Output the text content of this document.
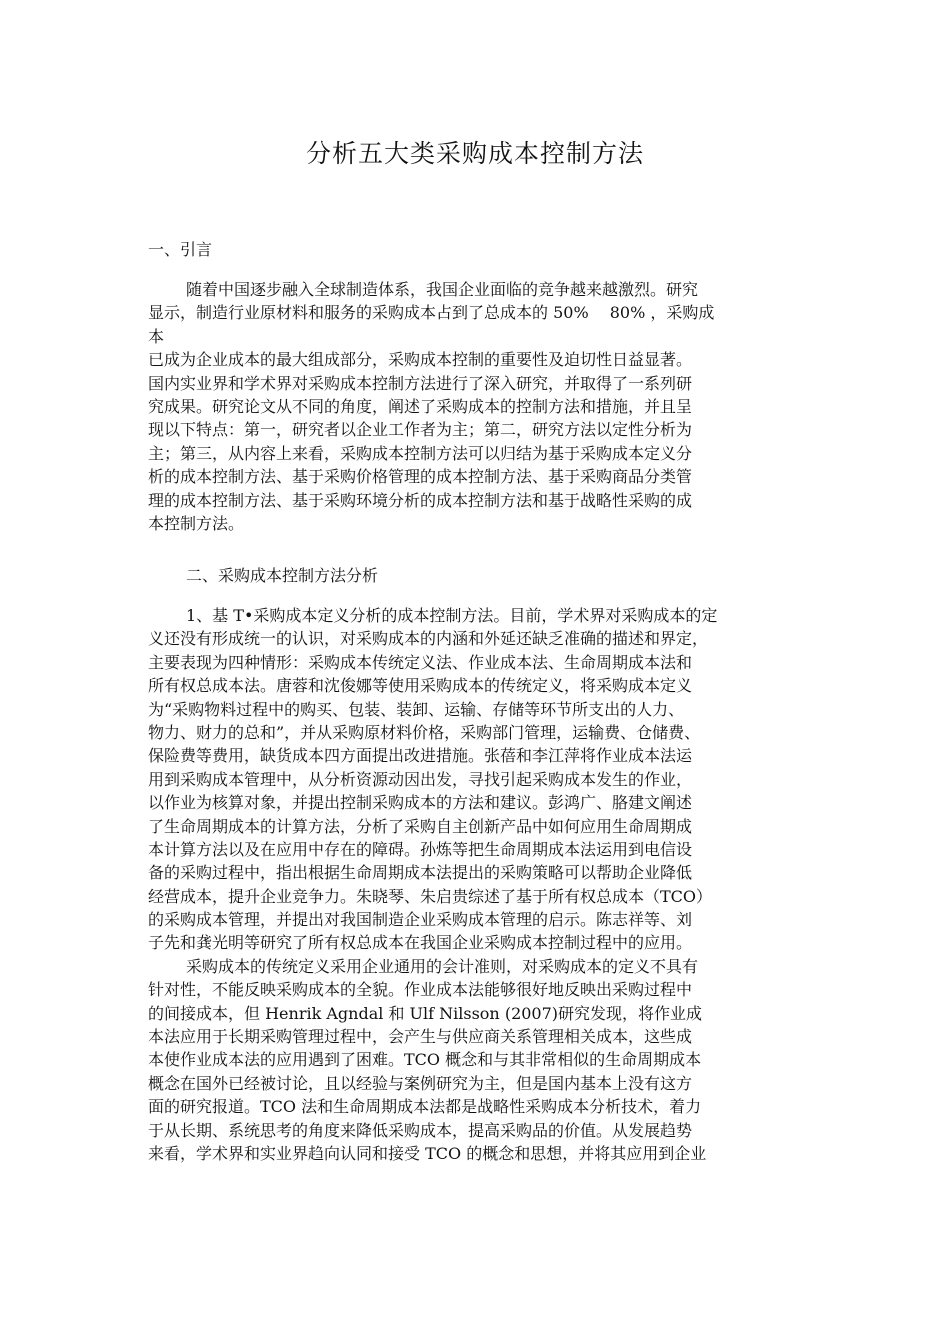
分析五大类采购成本控制方法
一、引言
随着中国逐步融入全球制造体系，我国企业面临的竞争越来越激烈。研究
显示，制造行业原材料和服务的采购成本占到了总成本的 50%　 80% ，采购成
本
已成为企业成本的最大组成部分，采购成本控制的重要性及迫切性日益显著。
国内实业界和学术界对采购成本控制方法进行了深入研究，并取得了一系列研
究成果。研究论文从不同的角度，阐述了采购成本的控制方法和措施，并且呈
现以下特点：第一，研究者以企业工作者为主；第二，研究方法以定性分析为
主；第三，从内容上来看，采购成本控制方法可以归结为基于采购成本定义分
析的成本控制方法、基于采购价格管理的成本控制方法、基于采购商品分类管
理的成本控制方法、基于采购环境分析的成本控制方法和基于战略性采购的成
本控制方法。
二、采购成本控制方法分析
1、基 T•采购成本定义分析的成本控制方法。目前，学术界对采购成本的定
义还没有形成统一的认识，对采购成本的内涵和外延还缺乏准确的描述和界定，
主要表现为四种情形：采购成本传统定义法、作业成本法、生命周期成本法和
所有权总成本法。唐蓉和沈俊娜等使用采购成本的传统定义，将采购成本定义
为“采购物料过程中的购买、包装、装卸、运输、存储等环节所支出的人力、
物力、财力的总和”，并从采购原材料价格，采购部门管理，运输费、仓储费、
保险费等费用，缺货成本四方面提出改进措施。张蓓和李江萍将作业成本法运
用到采购成本管理中，从分析资源动因出发，寻找引起采购成本发生的作业，
以作业为核算对象，并提出控制采购成本的方法和建议。彭鸿广、胳建文阐述
了生命周期成本的计算方法，分析了采购自主创新产品中如何应用生命周期成
本计算方法以及在应用中存在的障碍。孙炼等把生命周期成本法运用到电信设
备的采购过程中，指出根据生命周期成本法提出的采购策略可以帮助企业降低
经营成本，提升企业竞争力。朱晓琴、朱启贵综述了基于所有权总成本（TCO）
的采购成本管理，并提出对我国制造企业采购成本管理的启示。陈志祥等、刘
子先和龚光明等研究了所有权总成本在我国企业采购成本控制过程中的应用。
采购成本的传统定义采用企业通用的会计准则，对采购成本的定义不具有
针对性，不能反映采购成本的全貌。作业成本法能够很好地反映出采购过程中
的间接成本，但 Henrik Agndal 和 Ulf Nilsson (2007)研究发现，将作业成
本法应用于长期采购管理过程中，会产生与供应商关系管理相关成本，这些成
本使作业成本法的应用遇到了困难。TCO 概念和与其非常相似的生命周期成本
概念在国外已经被讨论，且以经验与案例研究为主，但是国内基本上没有这方
面的研究报道。TCO 法和生命周期成本法都是战略性采购成本分析技术，着力
于从长期、系统思考的角度来降低采购成本，提高采购品的价值。从发展趋势
来看，学术界和实业界趋向认同和接受 TCO 的概念和思想，并将其应用到企业
